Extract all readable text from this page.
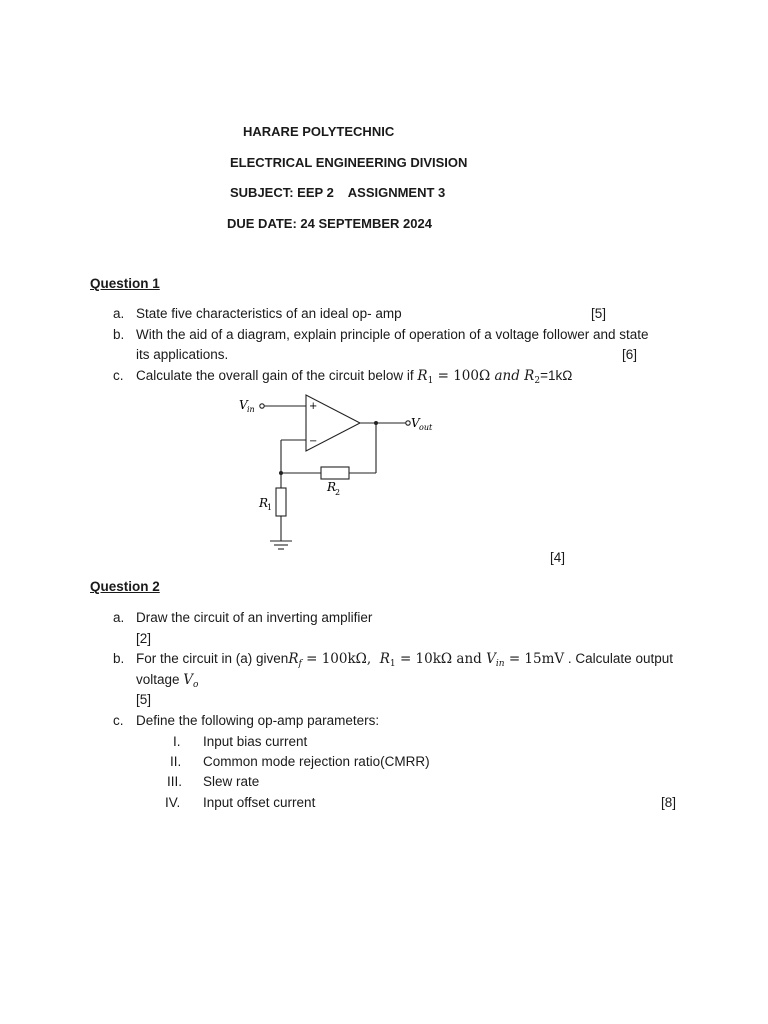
HARARE POLYTECHNIC
ELECTRICAL ENGINEERING DIVISION
SUBJECT: EEP 2    ASSIGNMENT 3
DUE DATE: 24 SEPTEMBER 2024
Question 1
a. State five characteristics of an ideal op- amp	[5]
b. With the aid of a diagram, explain principle of operation of a voltage follower and state
its applications.	[6]
c. Calculate the overall gain of the circuit below if $R_1 = 100\Omega$ and $R_2=1k\Omega$
+
−
V in
V out
R
2
R
1
[4]
Question 2
a. Draw the circuit of an inverting amplifier
[2]
b. For the circuit in (a) givenR$_f$ = 100kΩ,  $R_1 = 10k\Omega$ and $V_{in} = 15mV$ . Calculate output
voltage $V_o$
[5]
c. Define the following op-amp parameters:
I. Input bias current
II. Common mode rejection ratio(CMRR)
III. Slew rate
IV. Input offset current	[8]
